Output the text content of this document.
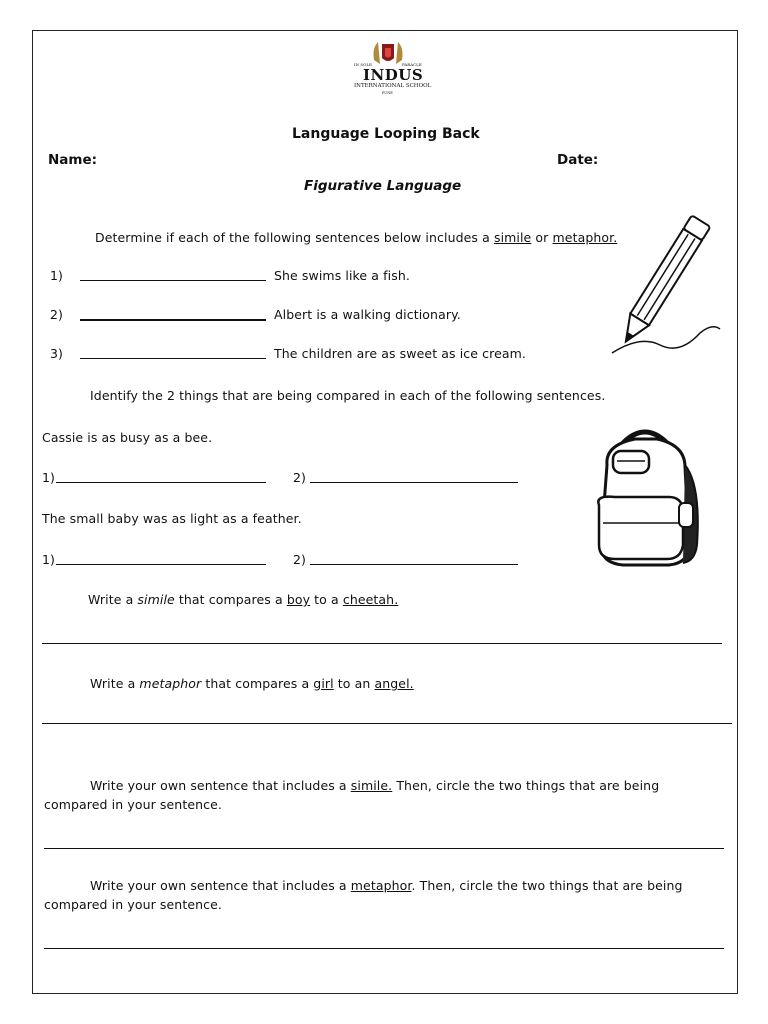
IN SOLE	PARACLE
INDUS
INTERNATIONAL SCHOOL
PUNE
Language Looping Back
Name:	Date:
Figurative Language
Determine if each of the following sentences below includes a simile or metaphor.
1)	She swims like a fish.
2)	Albert is a walking dictionary.
3)	The children are as sweet as ice cream.
Identify the 2 things that are being compared in each of the following sentences.
Cassie is as busy as a bee.
1)	2)
The small baby was as light as a feather.
1)	2)
Write a simile that compares a boy to a cheetah.
Write a metaphor that compares a girl to an angel.
Write your own sentence that includes a simile. Then, circle the two things that are being
compared in your sentence.
Write your own sentence that includes a metaphor. Then, circle the two things that are being
compared in your sentence.
